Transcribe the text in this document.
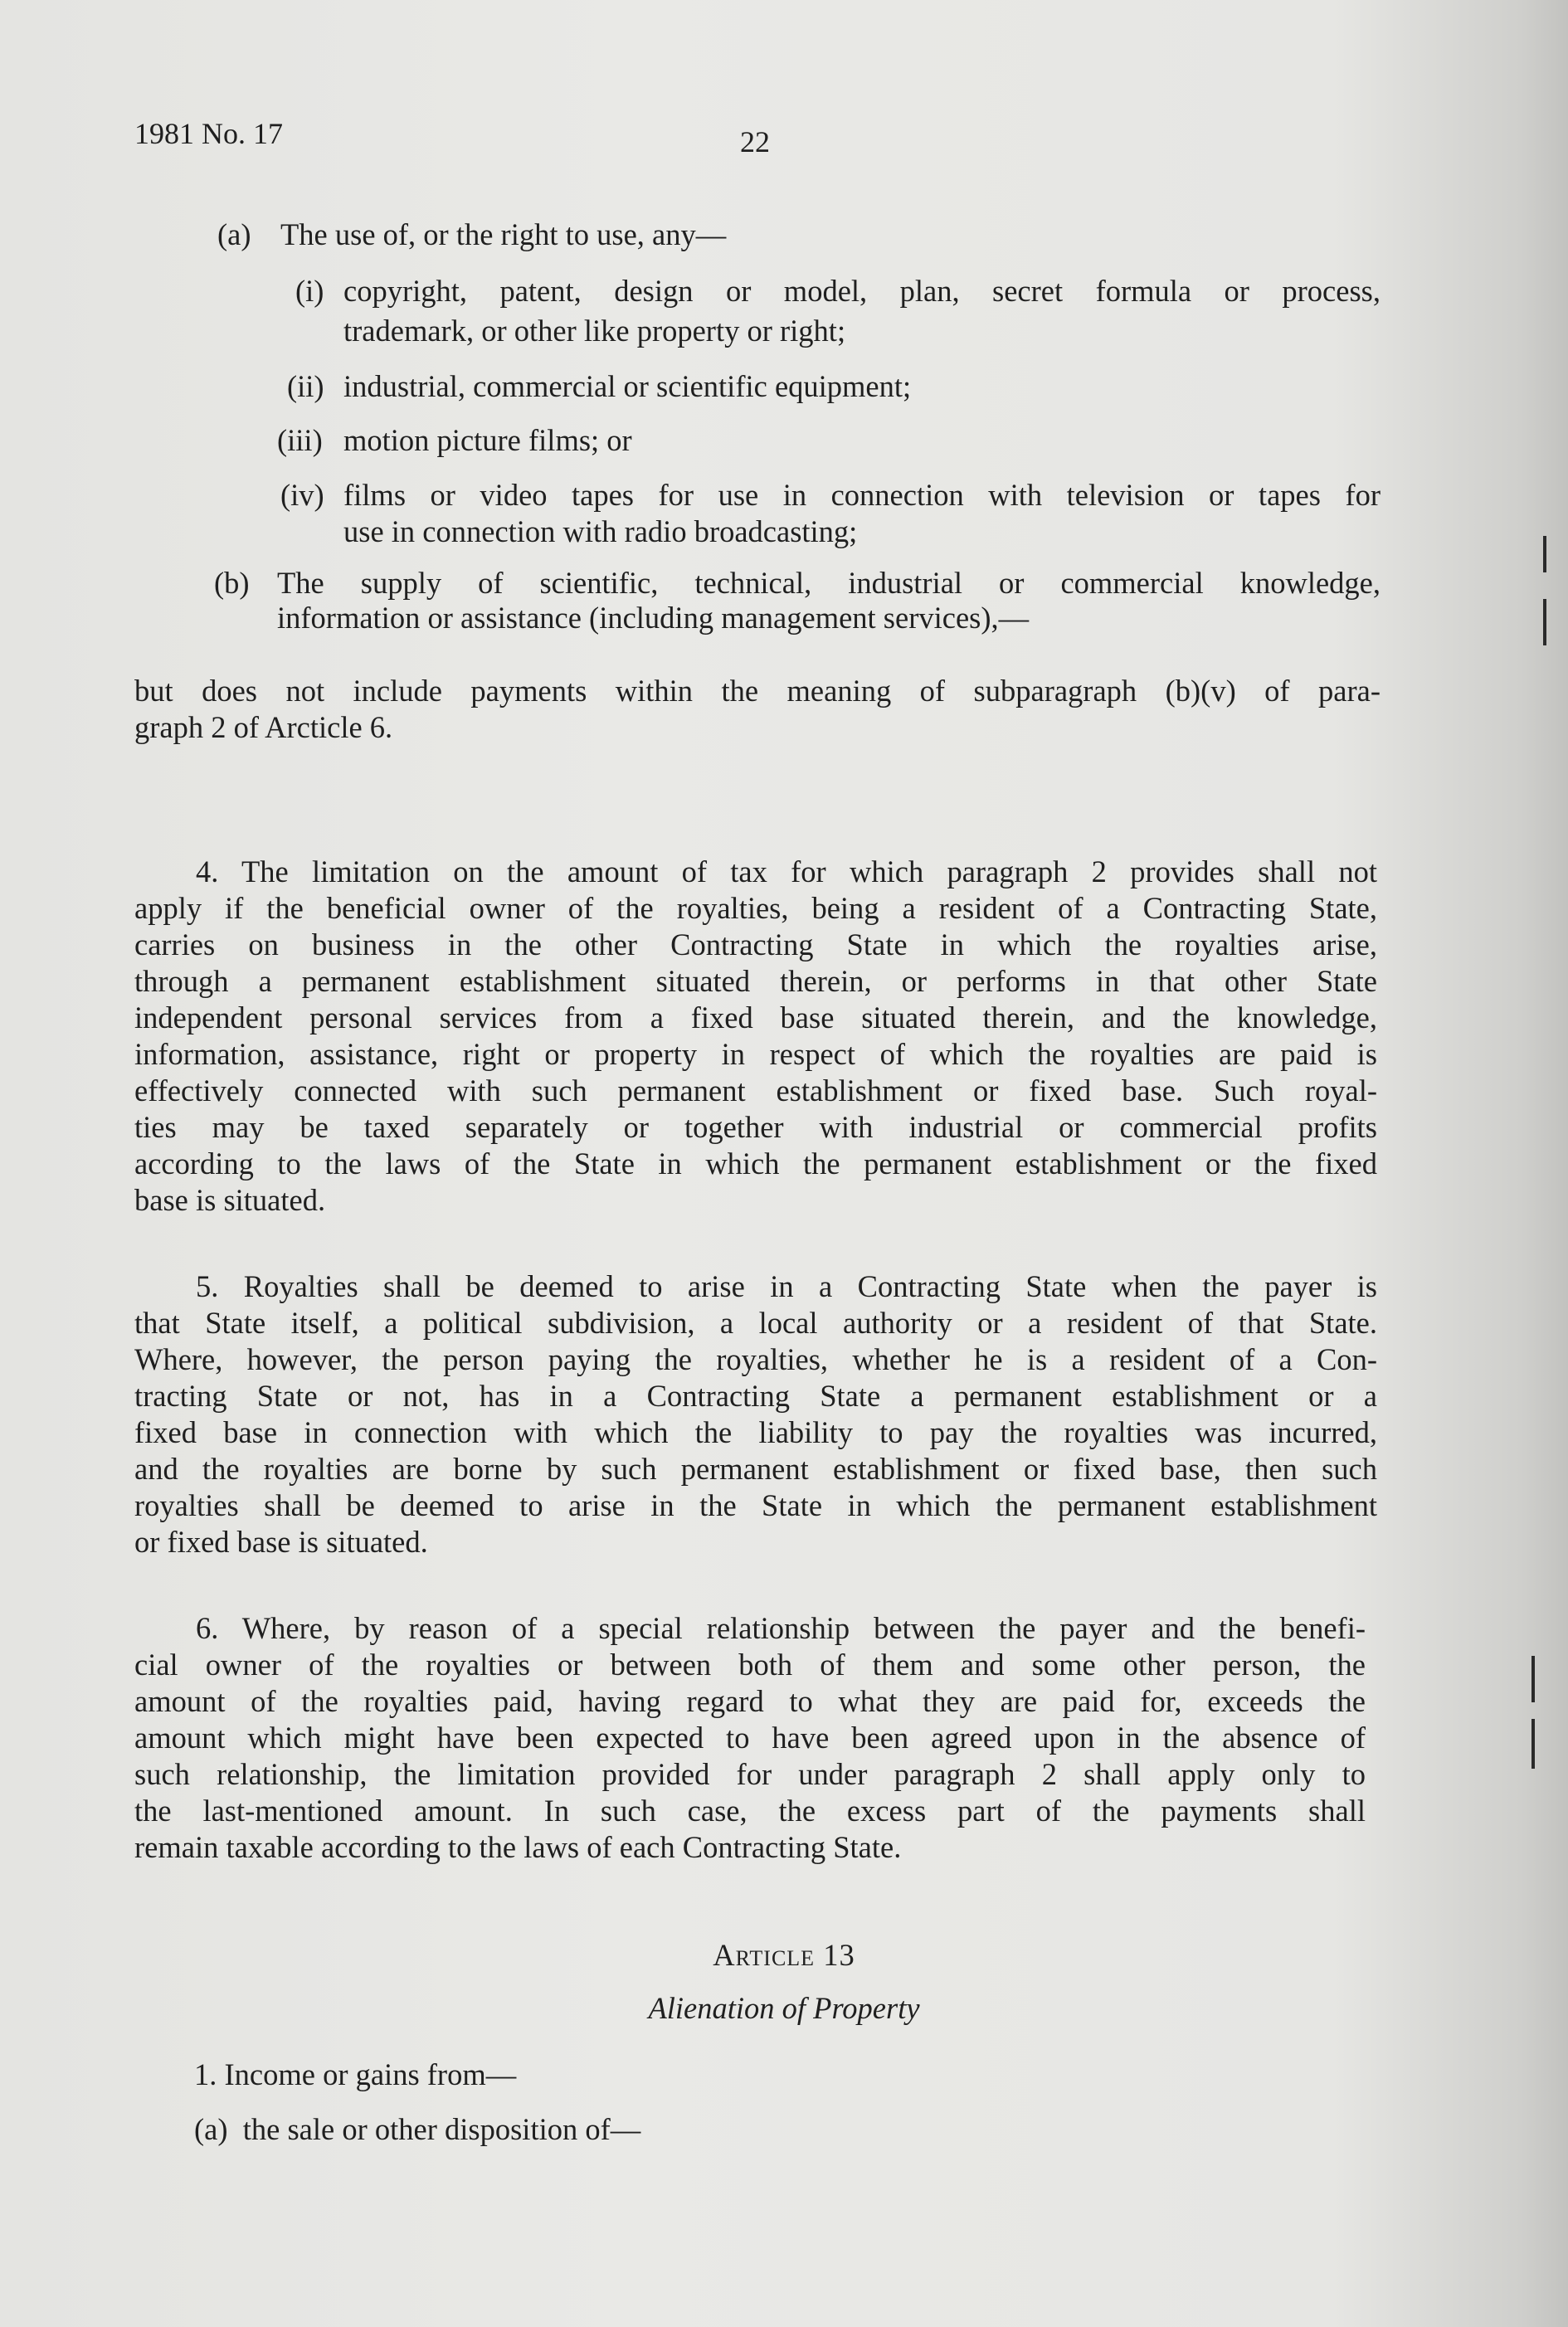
1981 No. 17	22
(a) The use of, or the right to use, any—
(i) copyright, patent, design or model, plan, secret formula or process,
trademark, or other like property or right;
(ii) industrial, commercial or scientific equipment;
(iii) motion picture films; or
(iv) films or video tapes for use in connection with television or tapes for
use in connection with radio broadcasting;
(b) The supply of scientific, technical, industrial or commercial knowledge,
information or assistance (including management services),—
but does not include payments within the meaning of subparagraph (b)(v) of para-
graph 2 of Arcticle 6.
4. The limitation on the amount of tax for which paragraph 2 provides shall not
apply if the beneficial owner of the royalties, being a resident of a Contracting State,
carries on business in the other Contracting State in which the royalties arise,
through a permanent establishment situated therein, or performs in that other State
independent personal services from a fixed base situated therein, and the knowledge,
information, assistance, right or property in respect of which the royalties are paid is
effectively connected with such permanent establishment or fixed base. Such royal-
ties may be taxed separately or together with industrial or commercial profits
according to the laws of the State in which the permanent establishment or the fixed
base is situated.
5. Royalties shall be deemed to arise in a Contracting State when the payer is
that State itself, a political subdivision, a local authority or a resident of that State.
Where, however, the person paying the royalties, whether he is a resident of a Con-
tracting State or not, has in a Contracting State a permanent establishment or a
fixed base in connection with which the liability to pay the royalties was incurred,
and the royalties are borne by such permanent establishment or fixed base, then such
royalties shall be deemed to arise in the State in which the permanent establishment
or fixed base is situated.
6. Where, by reason of a special relationship between the payer and the benefi-
cial owner of the royalties or between both of them and some other person, the
amount of the royalties paid, having regard to what they are paid for, exceeds the
amount which might have been expected to have been agreed upon in the absence of
such relationship, the limitation provided for under paragraph 2 shall apply only to
the last-mentioned amount. In such case, the excess part of the payments shall
remain taxable according to the laws of each Contracting State.
Article 13
Alienation of Property
1. Income or gains from—
(a)  the sale or other disposition of—
